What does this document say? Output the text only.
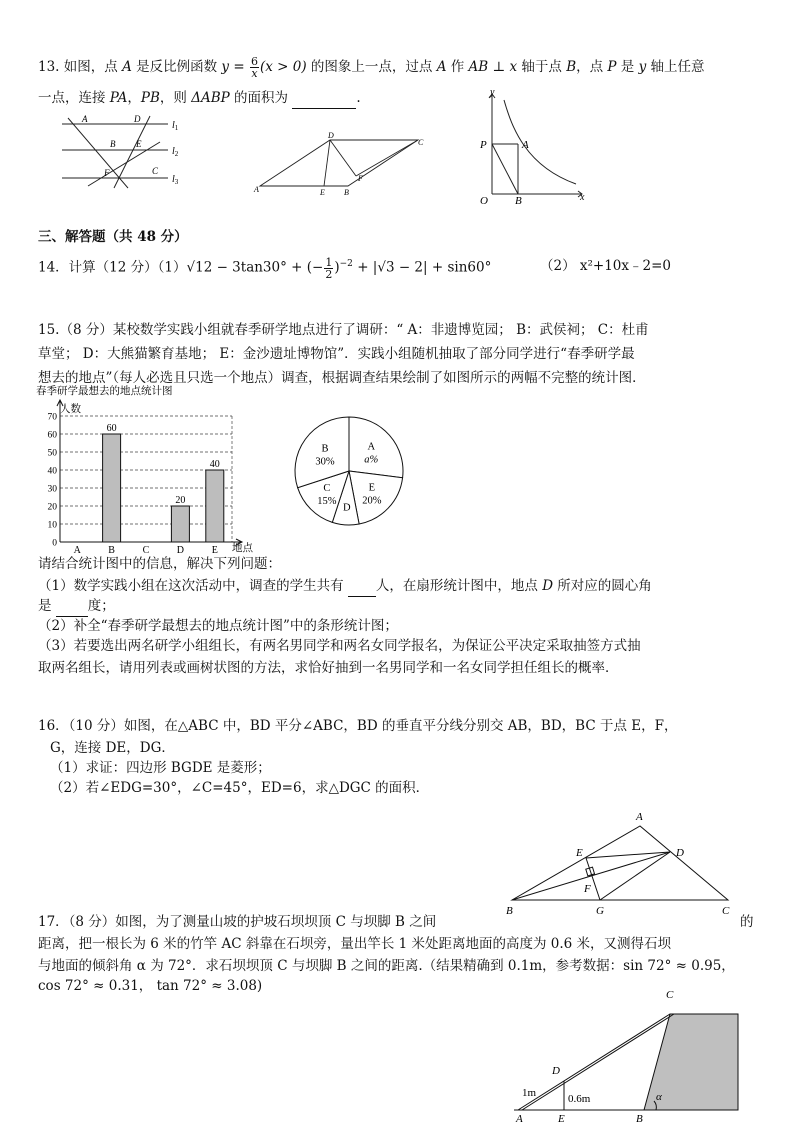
13. 如图，点 A 是反比例函数 $y = \frac{6}{x} (x > 0)$ 的图象上一点，过点 A 作 AB ⊥ x 轴于点 B，点 P 是 y 轴上任意
一点，连接 PA，PB，则 ΔABP 的面积为	.
A	D
B E
F	C
$l_1$
$l_2$
$l_3$
D
C
A	E B
F
y
x
P	A
O B
三、解答题（共 48 分）
14．计算（12 分）（1）√12 − 3tan30° + (− $\frac{1}{2} )^{-2} + |√3 - 2| + \sin 60^\circ$	（2） x²+10x﹣2=0
15.（8 分）某校数学实践小组就春季研学地点进行了调研：“ A：非遗博览园； B：武侯祠； C：杜甫
草堂； D：大熊猫繁育基地； E：金沙遗址博物馆”．实践小组随机抽取了部分同学进行“春季研学最
想去的地点”（每人必选且只选一个地点）调查，根据调查结果绘制了如图所示的两幅不完整的统计图．
春季研学最想去的地点统计图
人数
0
10
20
30
40
50
60
70
60
20
40
A	B	C	D	E 地点
A
a%
E
20%
D
C
15%
B
30%
请结合统计图中的信息，解决下列问题：
（1）数学实践小组在这次活动中，调查的学生共有  人，在扇形统计图中，地点 D 所对应的圆心角
是  度；
（2）补全“春季研学最想去的地点统计图”中的条形统计图；
（3）若要选出两名研学小组组长，有两名男同学和两名女同学报名，为保证公平决定采取抽签方式抽
取两名组长，请用列表或画树状图的方法，求恰好抽到一名男同学和一名女同学担任组长的概率．
16．（10 分）如图，在△ABC 中，BD 平分∠ABC，BD 的垂直平分线分别交 AB，BD，BC 于点 E，F，
G，连接 DE，DG．
（1）求证：四边形 BGDE 是菱形；
（2）若∠EDG=30°，∠C=45°，ED=6，求△DGC 的面积．
A
E	D
F
B	G	C
17．（8 分）如图，为了测量山坡的护坡石坝坝顶 C 与坝脚 B 之间	的
距离，把一根长为 6 米的竹竿 AC 斜靠在石坝旁，量出竿长 1 米处距离地面的高度为 0.6 米，又测得石坝
与地面的倾斜角 α 为 72°．求石坝坝顶 C 与坝脚 B 之间的距离.（结果精确到 0.1m，参考数据：sin 72° ≈ 0.95，
cos 72° ≈ 0.31， tan 72° ≈ 3.08)
C
D
1m	0.6m
A	E	B
α
